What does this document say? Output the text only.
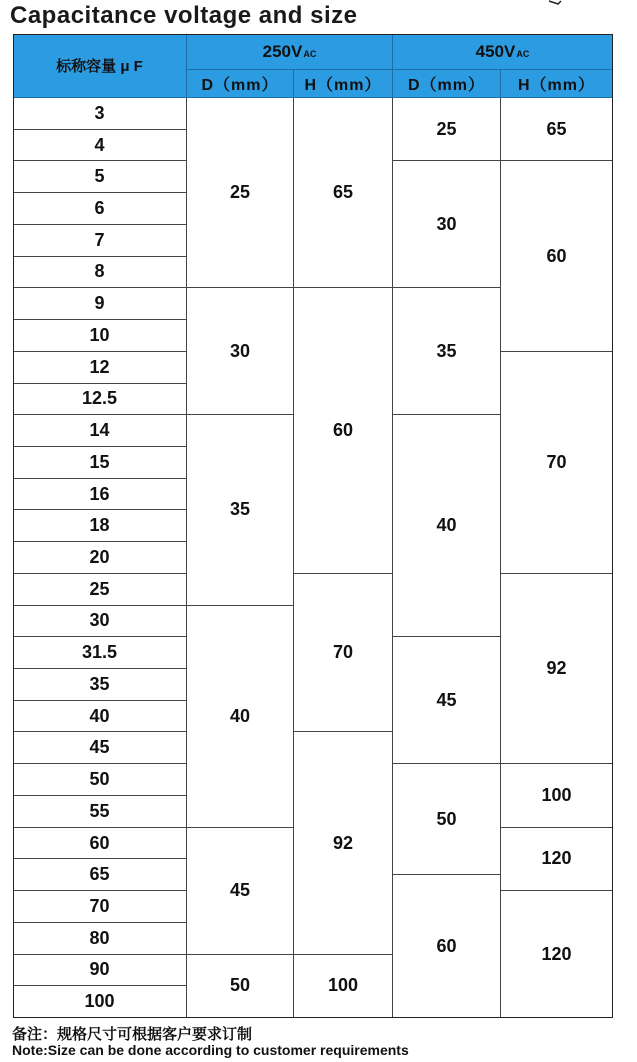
Capacitance voltage and size
标称容量 μ F
$250V_{AC}$
D（mm）	H（mm）
$450V_{AC}$
D（mm）	H（mm）
3
4
5
6
7
8
9
10
12
12.5
14
15
16
18
20
25
30
31.5
35
40
45
50
55
60
65
70
80
90
100
25
30
35
40
45
50
65
60
70
92
100
25
30
35
40
45
50
60
65
60
70
92
100
120
120
备注：规格尺寸可根据客户要求订制
Note:Size can be done according to customer requirements
